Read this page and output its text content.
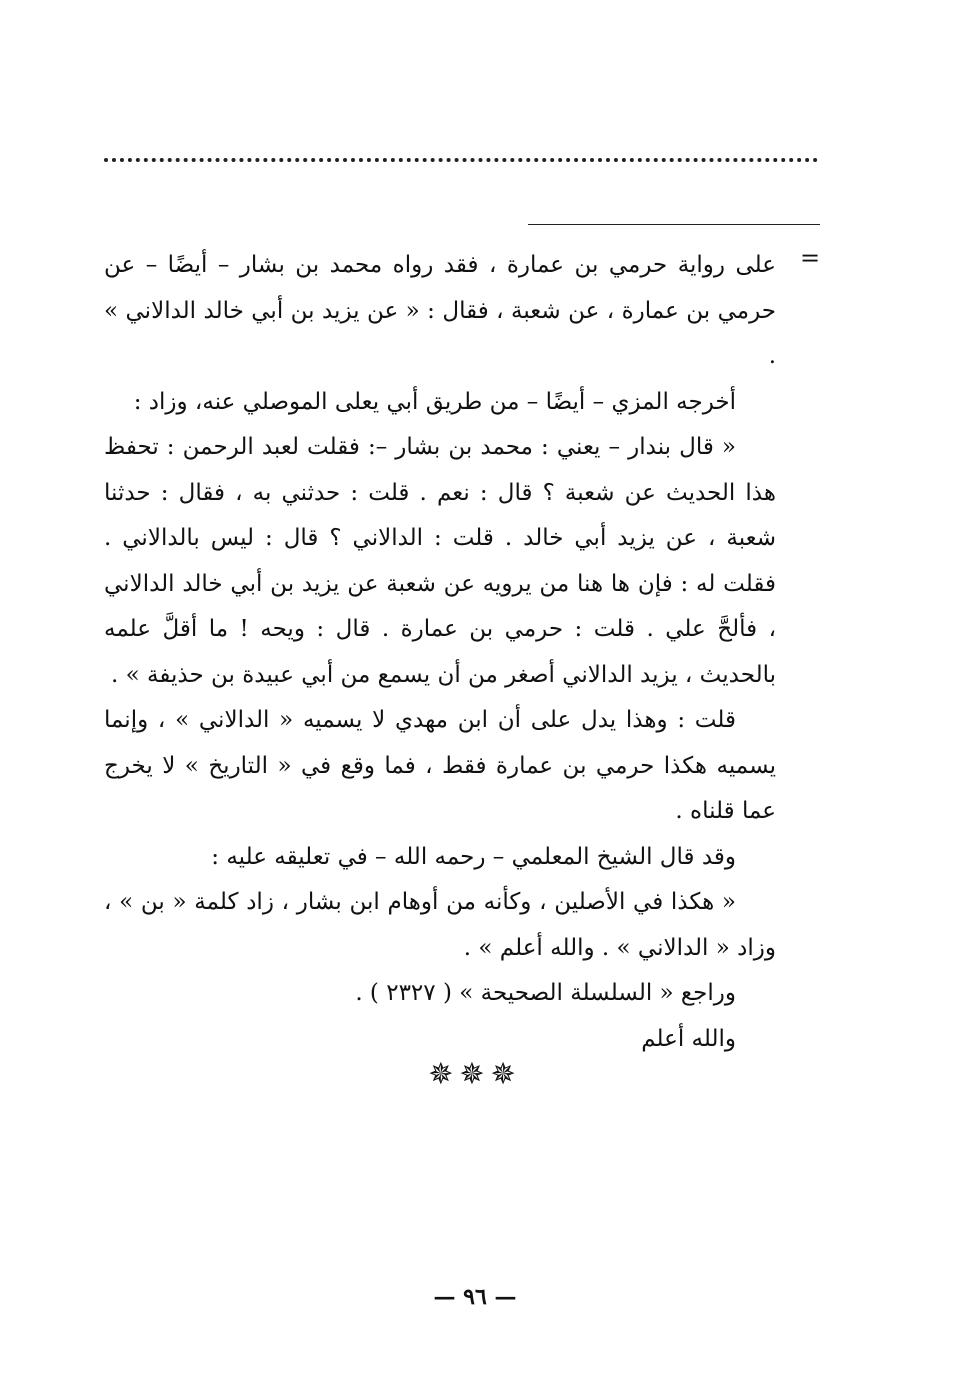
=

على رواية حرمي بن عمارة ، فقد رواه محمد بن بشار – أيضًا – عن حرمي بن عمارة ، عن شعبة ، فقال : « عن يزيد بن أبي خالد الدالاني » .

أخرجه المزي – أيضًا – من طريق أبي يعلى الموصلي عنه، وزاد :

« قال بندار – يعني : محمد بن بشار –: فقلت لعبد الرحمن : تحفظ هذا الحديث عن شعبة ؟ قال : نعم . قلت : حدثني به ، فقال : حدثنا شعبة ، عن يزيد أبي خالد . قلت : الدالاني ؟ قال : ليس بالدالاني . فقلت له : فإن ها هنا من يرويه عن شعبة عن يزيد بن أبي خالد الدالاني ، فألحَّ علي . قلت : حرمي بن عمارة . قال : ويحه ! ما أقلَّ علمه بالحديث ، يزيد الدالاني أصغر من أن يسمع من أبي عبيدة بن حذيفة » .

قلت : وهذا يدل على أن ابن مهدي لا يسميه « الدالاني » ، وإنما يسميه هكذا حرمي بن عمارة فقط ، فما وقع في « التاريخ » لا يخرج عما قلناه .

وقد قال الشيخ المعلمي – رحمه الله – في تعليقه عليه :

« هكذا في الأصلين ، وكأنه من أوهام ابن بشار ، زاد كلمة « بن » ، وزاد « الدالاني » . والله أعلم » .

وراجع « السلسلة الصحيحة » ( ٢٣٢٧ ) .

والله أعلم

✵✵✵
— ٩٦ —
